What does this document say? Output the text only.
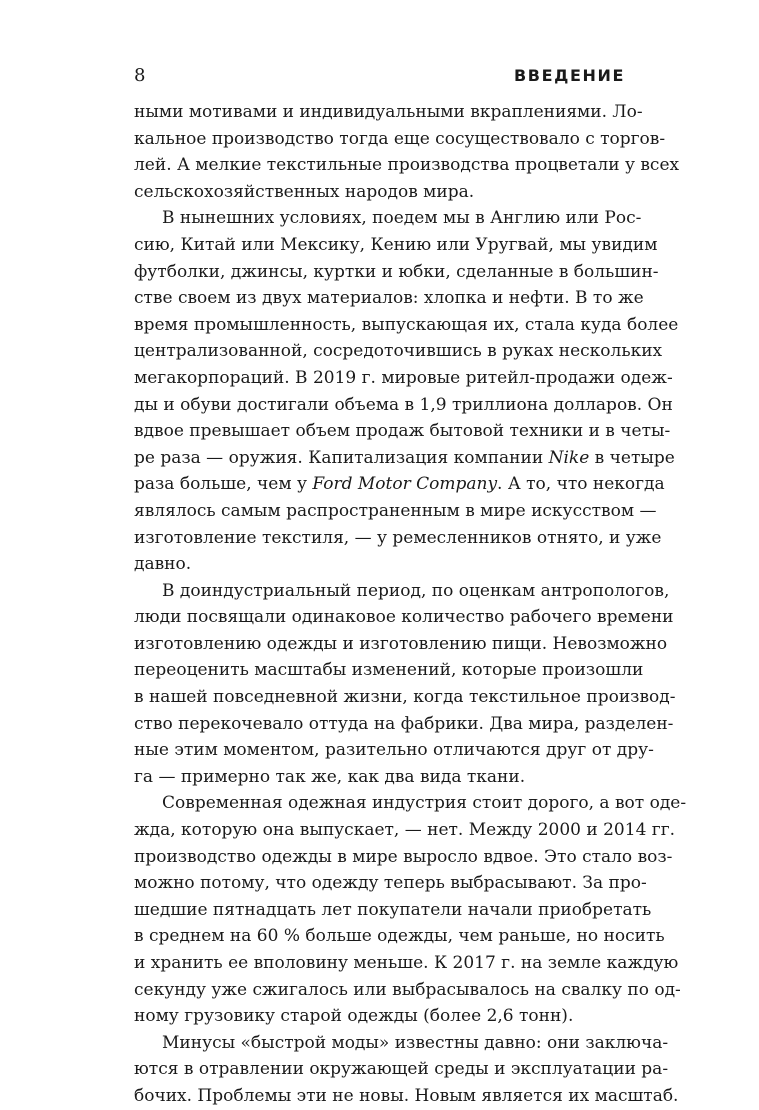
8	ВВЕДЕНИЕ
ными мотивами и индивидуальными вкраплениями. Ло-
кальное производство тогда еще сосуществовало с торгов-
лей. А мелкие текстильные производства процветали у всех
сельскохозяйственных народов мира.
В нынешних условиях, поедем мы в Англию или Рос-
сию, Китай или Мексику, Кению или Уругвай, мы увидим
футболки, джинсы, куртки и юбки, сделанные в большин-
стве своем из двух материалов: хлопка и нефти. В то же
время промышленность, выпускающая их, стала куда более
централизованной, сосредоточившись в руках нескольких
мегакорпораций. В 2019 г. мировые ритейл-продажи одеж-
ды и обуви достигали объема в 1,9 триллиона долларов. Он
вдвое превышает объем продаж бытовой техники и в четы-
ре раза — оружия. Капитализация компании Nike в четыре
раза больше, чем у Ford Motor Company. А то, что некогда
являлось самым распространенным в мире искусством —
изготовление текстиля, — у ремесленников отнято, и уже
давно.
В доиндустриальный период, по оценкам антропологов,
люди посвящали одинаковое количество рабочего времени
изготовлению одежды и изготовлению пищи. Невозможно
переоценить масштабы изменений, которые произошли
в нашей повседневной жизни, когда текстильное производ-
ство перекочевало оттуда на фабрики. Два мира, разделен-
ные этим моментом, разительно отличаются друг от дру-
га — примерно так же, как два вида ткани.
Современная одежная индустрия стоит дорого, а вот оде-
жда, которую она выпускает, — нет. Между 2000 и 2014 гг.
производство одежды в мире выросло вдвое. Это стало воз-
можно потому, что одежду теперь выбрасывают. За про-
шедшие пятнадцать лет покупатели начали приобретать
в среднем на 60 % больше одежды, чем раньше, но носить
и хранить ее вполовину меньше. К 2017 г. на земле каждую
секунду уже сжигалось или выбрасывалось на свалку по од-
ному грузовику старой одежды (более 2,6 тонн).
Минусы «быстрой моды» известны давно: они заключа-
ются в отравлении окружающей среды и эксплуатации ра-
бочих. Проблемы эти не новы. Новым является их масштаб.
